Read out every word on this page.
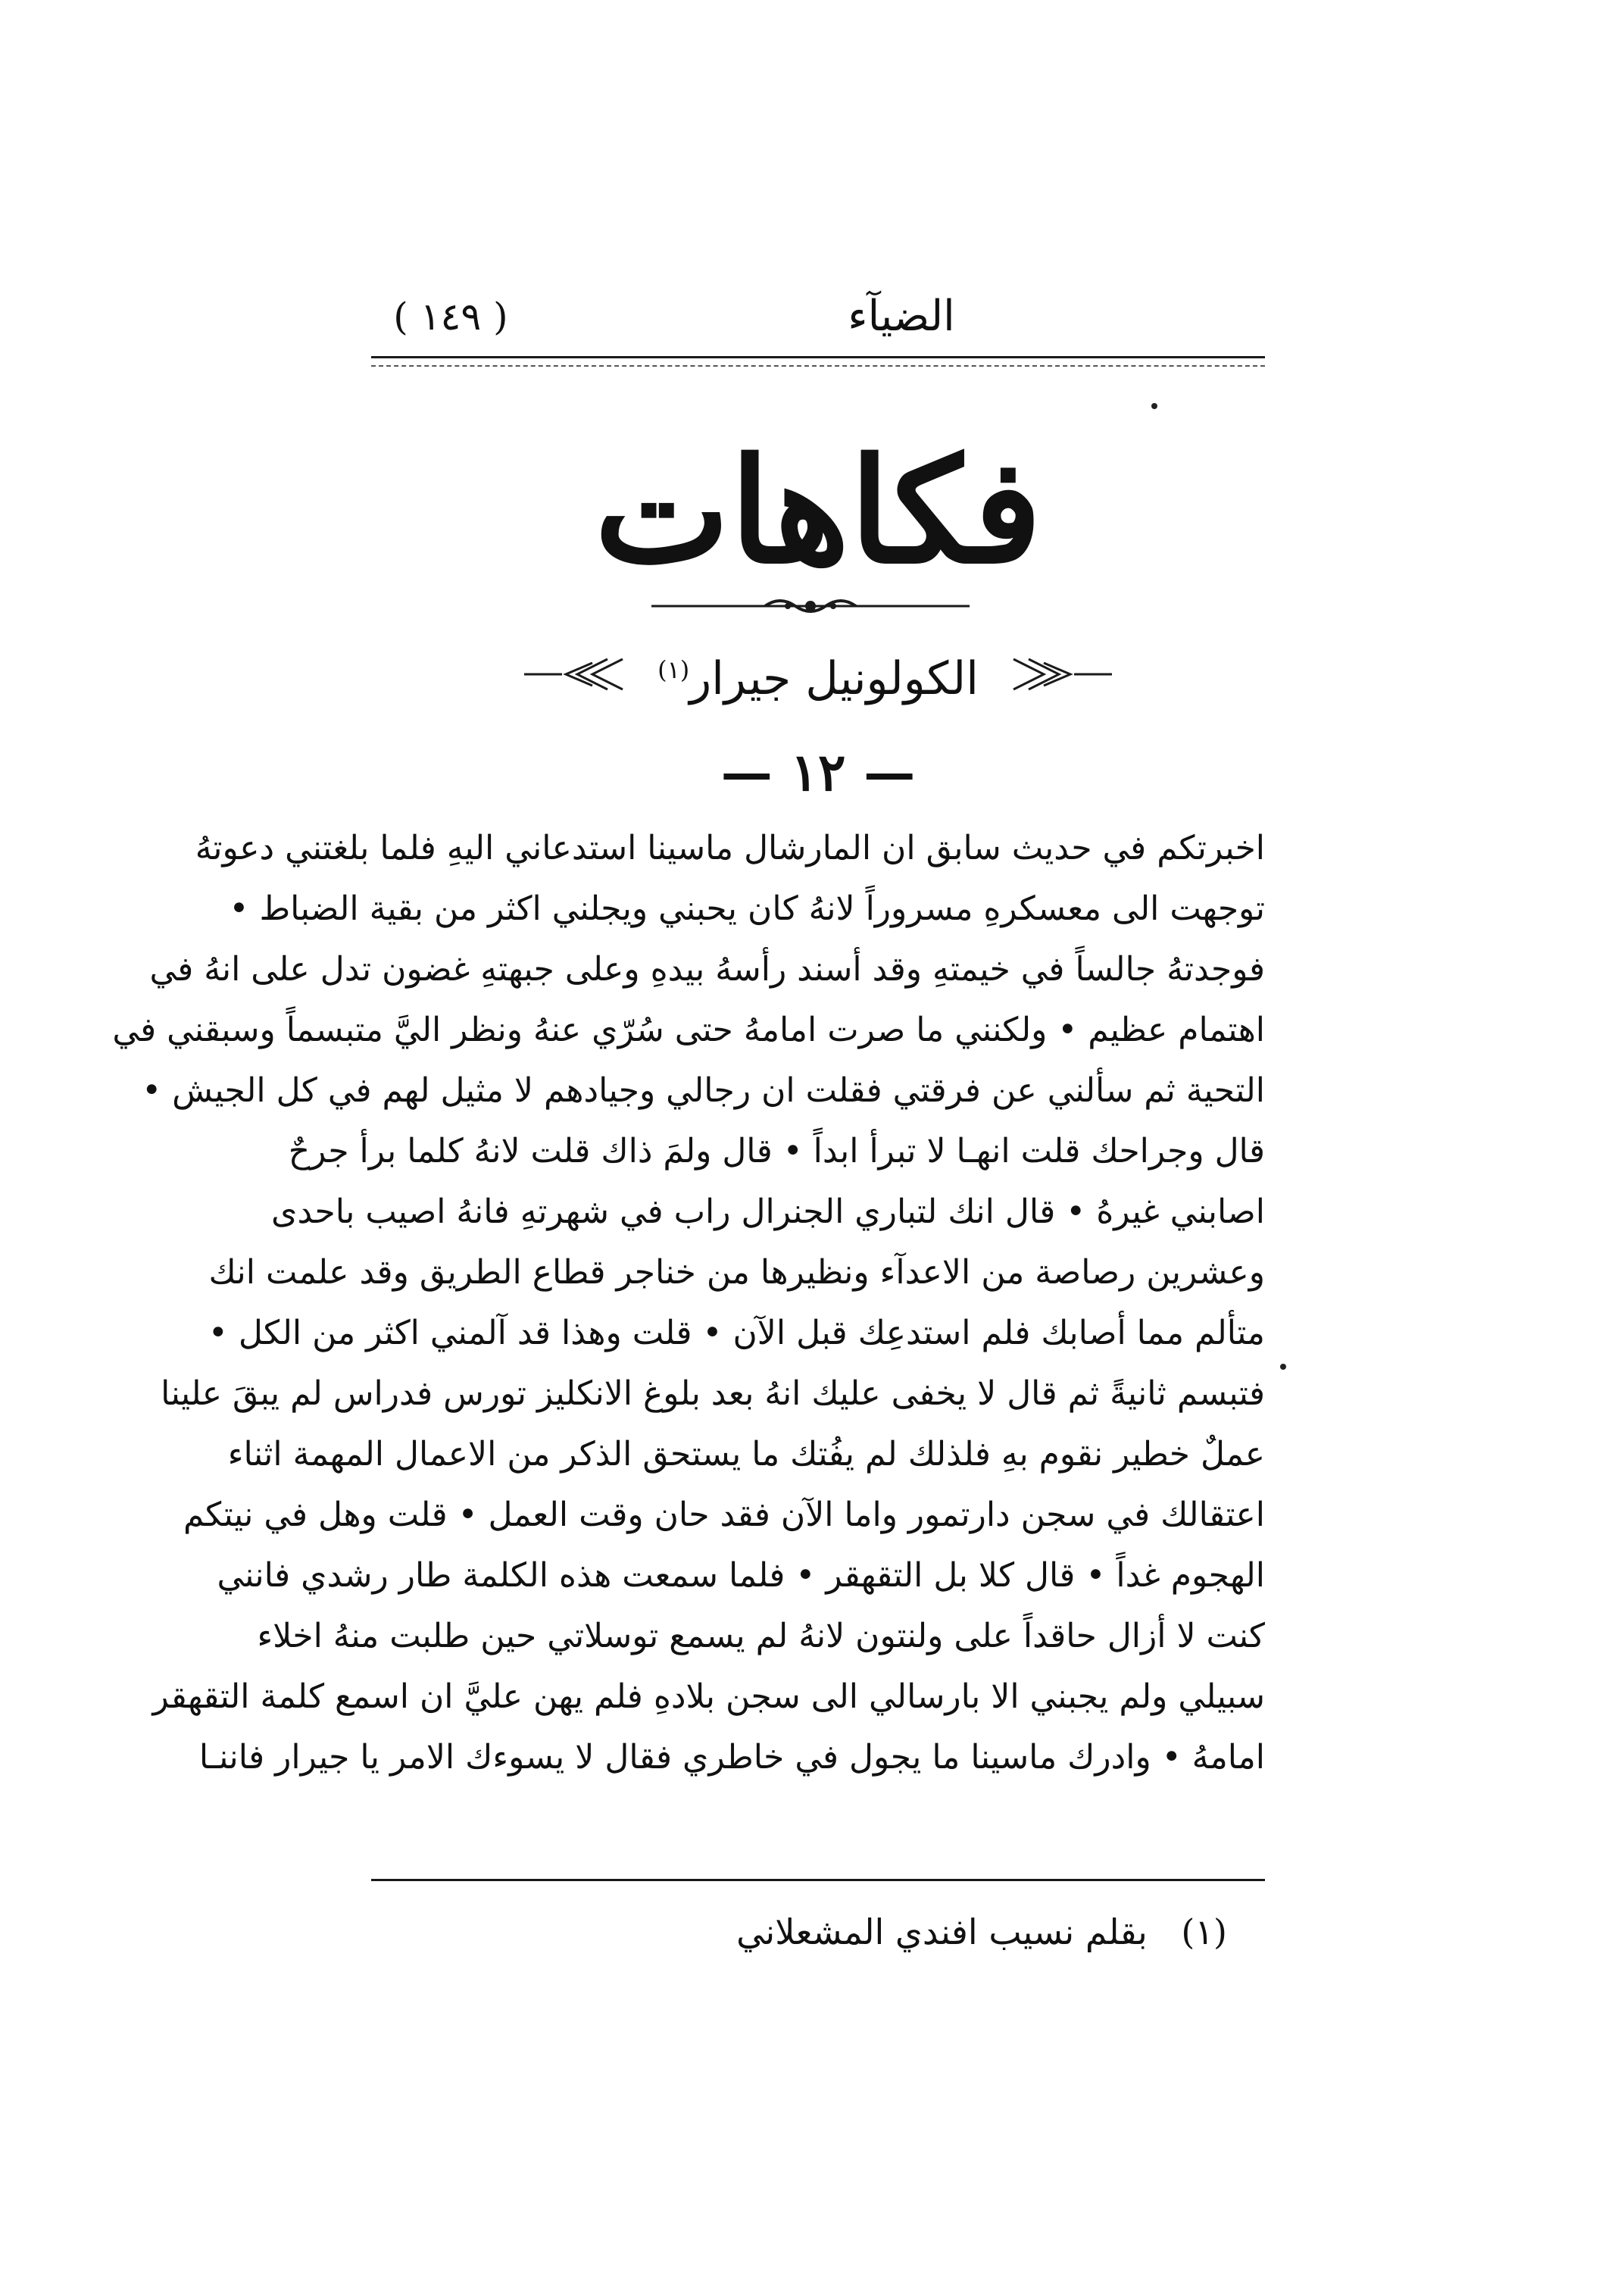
الضيآء
( ١٤٩ )
فكاهات
الكولونيل جيرار$^{(١)}$
— ١٢ —
اخبرتكم في حديث سابق ان المارشال ماسينا استدعاني اليهِ فلما بلغتني دعوتهُ
توجهت الى معسكرهِ مسروراً لانهُ كان يحبني ويجلني اكثر من بقية الضباط •
فوجدتهُ جالساً في خيمتهِ وقد أسند رأسهُ بيدهِ وعلى جبهتهِ غضون تدل على انهُ في
اهتمام عظيم • ولكنني ما صرت امامهُ حتى سُرّي عنهُ ونظر اليَّ متبسماً وسبقني في
التحية ثم سألني عن فرقتي فقلت ان رجالي وجيادهم لا مثيل لهم في كل الجيش •
قال وجراحك قلت انهـا لا تبرأ ابداً • قال ولمَ ذاك قلت لانهُ كلما برأ جرحٌ
اصابني غيرهُ • قال انك لتباري الجنرال راب في شهرتهِ فانهُ اصيب باحدى
وعشرين رصاصة من الاعدآء ونظيرها من خناجر قطاع الطريق وقد علمت انك
متألم مما أصابك فلم استدعِك قبل الآن • قلت وهذا قد آلمني اكثر من الكل •
فتبسم ثانيةً ثم قال لا يخفى عليك انهُ بعد بلوغ الانكليز تورس فدراس لم يبقَ علينا
عملٌ خطير نقوم بهِ فلذلك لم يفُتك ما يستحق الذكر من الاعمال المهمة اثناء
اعتقالك في سجن دارتمور واما الآن فقد حان وقت العمل • قلت وهل في نيتكم
الهجوم غداً • قال كلا بل التقهقر • فلما سمعت هذه الكلمة طار رشدي فانني
كنت لا أزال حاقداً على ولنتون لانهُ لم يسمع توسلاتي حين طلبت منهُ اخلاء
سبيلي ولم يجبني الا بارسالي الى سجن بلادهِ فلم يهن عليَّ ان اسمع كلمة التقهقر
امامهُ • وادرك ماسينا ما يجول في خاطري فقال لا يسوءك الامر يا جيرار فاننـا
(١) بقلم نسيب افندي المشعلاني
